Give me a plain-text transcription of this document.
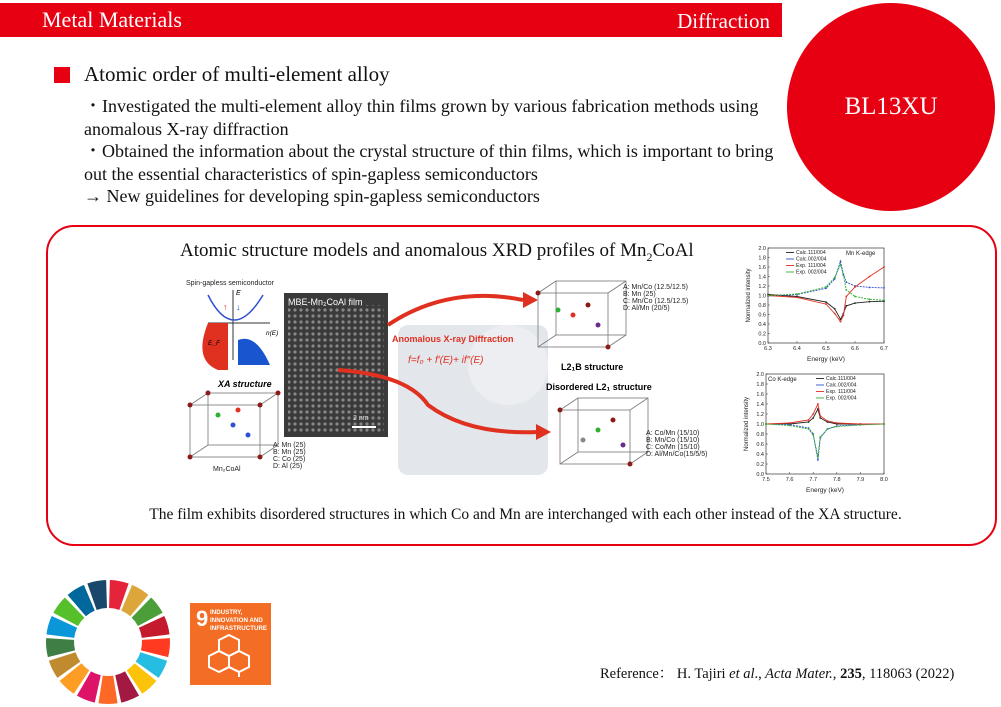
Metal Materials	Diffraction
BL13XU
Atomic order of multi-element alloy

・Investigated the multi-element alloy thin films grown by various fabrication methods using anomalous X-ray diffraction

・Obtained the information about the crystal structure of thin films, which is important to bring out the essential characteristics of spin-gapless semiconductors

→ New guidelines for developing spin-gapless semiconductors

Atomic structure models and anomalous XRD profiles of $Mn_2CoAl$
Spin-gapless semiconductor
↑ ↓
E
E_F
n(E)
XA structure
Mn₂CoAl
A: Mn (25)
B: Mn (25)
C: Co (25)
D: Al (25)
MBE-Mn₂CoAl film
2 nm
Anomalous X-ray Diffraction
f=f₀ + f′(E)+ if″(E)
A: Mn/Co (12.5/12.5)
B: Mn (25)
C: Mn/Co (12.5/12.5)
D: Al/Mn (20/5)
L2₁B structure
Disordered L2₁ structure
A: Co/Mn (15/10)
B: Mn/Co (15/10)
C: Co/Mn (15/10)
D: Al/Mn/Co(15/5/5)
0.0
0.2
0.4
0.6
0.8
1.0
1.2
1.4
1.6
1.8
2.0
6.3	6.4	6.5	6.6	6.7
Energy (keV)
Normalized intensity
Calc.111/004
Calc.002/004
Exp. 111/004
Exp. 002/004
Mn K-edge
0.0
0.2
0.4
0.6
0.8
1.0
1.2
1.4
1.6
1.8
2.0
7.5	7.6	7.7	7.8	7.9	8.0
Energy (keV)
Normalized intensity
Calc.111/004
Calc.002/004
Exp. 111/004
Exp. 002/004
Co K-edge
The film exhibits disordered structures in which Co and Mn are interchanged with each other instead of the XA structure.
9 INDUSTRY, INNOVATION AND INFRASTRUCTURE
Reference： H. Tajiri et al., Acta Mater., 235, 118063 (2022)
